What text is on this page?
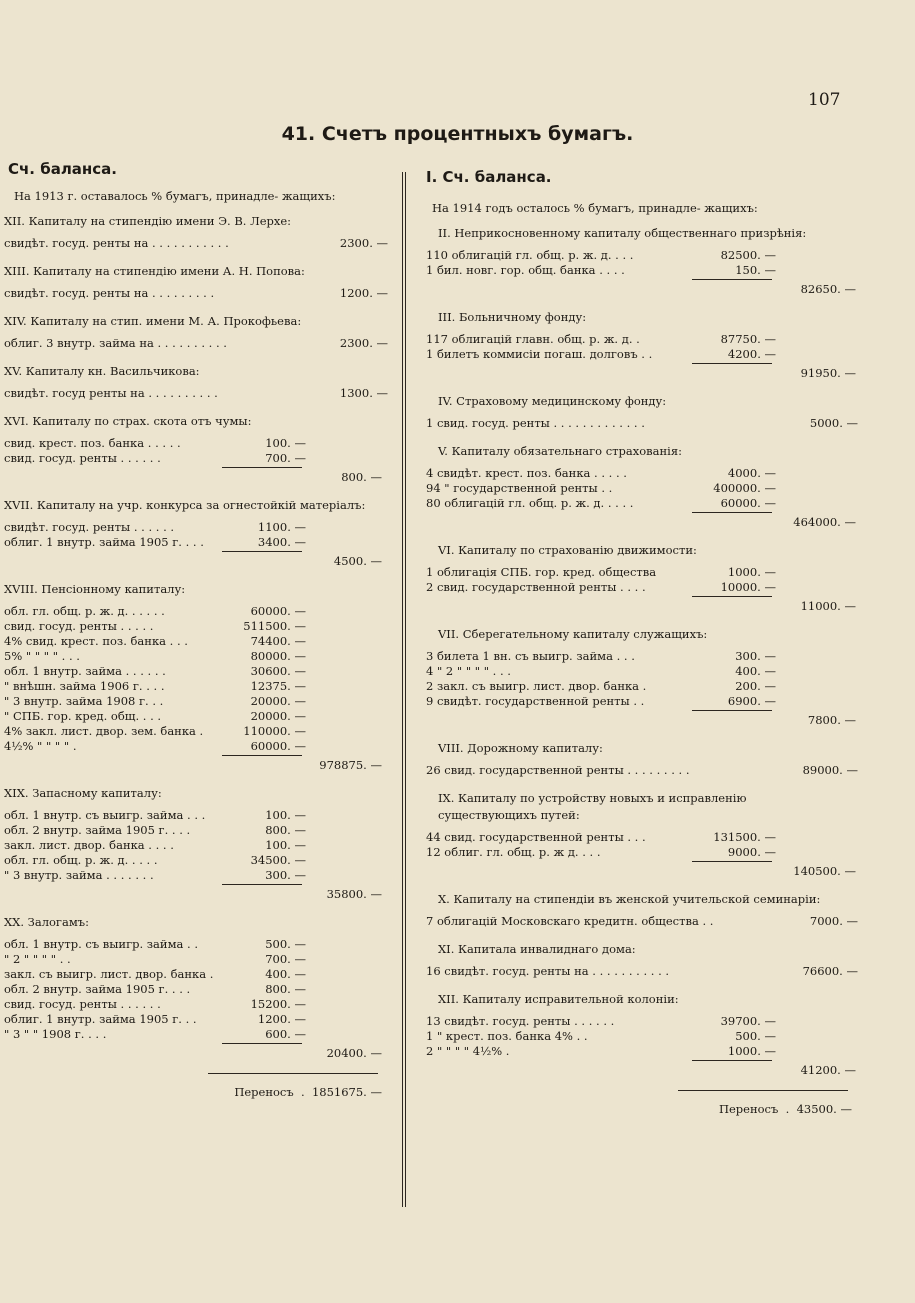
107
41. Счетъ процентныхъ бумагъ.
Сч. баланса.
На 1913 г. оставалось % бумагъ, принадле- жащихъ:
XII. Капиталу на стипендію имени Э. В. Лерхе:
свидѣт. госуд. ренты на . . . . . . . . . . .	2300. —
XIII. Капиталу на стипендію имени А. Н. Попова:
свидѣт. госуд. ренты на . . . . . . . . .	1200. —
XIV. Капиталу на стип. имени М. А. Прокофьева:
облиг. 3 внутр. займа на . . . . . . . . . .	2300. —
XV. Капиталу кн. Васильчикова:
свидѣт. госуд ренты на . . . . . . . . . .	1300. —
XVI. Капиталу по страх. скота отъ чумы:
свид. крест. поз. банка . . . . .	100. —
свид. госуд. ренты . . . . . .	700. —
800. —
XVII. Капиталу на учр. конкурса за огнестойкій матеріалъ:
свидѣт. госуд. ренты . . . . . .	1100. —
облиг. 1 внутр. займа 1905 г. . . .	3400. —
4500. —
XVIII. Пенсіонному капиталу:
обл. гл. общ. р. ж. д. . . . . .	60000. —
свид. госуд. ренты . . . . .	511500. —
4% свид. крест. поз. банка . . .	74400. —
5% " " " " . . .	80000. —
обл. 1 внутр. займа . . . . . .	30600. —
" внѣшн. займа 1906 г. . . .	12375. —
" 3 внутр. займа 1908 г. . .	20000. —
" СПБ. гор. кред. общ. . . .	20000. —
4% закл. лист. двор. зем. банка .	110000. —
4½% " " " " .	60000. —
978875. —
XIX. Запасному капиталу:
обл. 1 внутр. съ выигр. займа . . .	100. —
обл. 2 внутр. займа 1905 г. . . .	800. —
закл. лист. двор. банка . . . .	100. —
обл. гл. общ. р. ж. д. . . . .	34500. —
" 3 внутр. займа . . . . . . .	300. —
35800. —
XX. Залогамъ:
обл. 1 внутр. съ выигр. займа . .	500. —
" 2 " " " " . .	700. —
закл. съ выигр. лист. двор. банка .	400. —
обл. 2 внутр. займа 1905 г. . . .	800. —
свид. госуд. ренты . . . . . .	15200. —
облиг. 1 внутр. займа 1905 г. . .	1200. —
" 3 " " 1908 г. . . .	600. —
20400. —
Переносъ  .  1851675. —
I. Сч. баланса.
На 1914 годъ осталось % бумагъ, принадле- жащихъ:
II. Неприкосновенному капиталу общественнаго призрѣнія:
110 облигацій гл. общ. р. ж. д. . . .	82500. —
1 бил. новг. гор. общ. банка . . . .	150. —
82650. —
III. Больничному фонду:
117 облигацій главн. общ. р. ж. д. .	87750. —
1 билетъ коммисіи погаш. долговъ . .	4200. —
91950. —
IV. Страховому медицинскому фонду:
1 свид. госуд. ренты . . . . . . . . . . . . .	5000. —
V. Капиталу обязательнаго страхованія:
4 свидѣт. крест. поз. банка . . . . .	4000. —
94 " государственной ренты . .	400000. —
80 облигацій гл. общ. р. ж. д. . . . .	60000. —
464000. —
VI. Капиталу по страхованію движимости:
1 облигація СПБ. гор. кред. общества	1000. —
2 свид. государственной ренты . . . .	10000. —
11000. —
VII. Сберегательному капиталу служащихъ:
3 билета 1 вн. съ выигр. займа . . .	300. —
4 " 2 " " " " . . .	400. —
2 закл. съ выигр. лист. двор. банка .	200. —
9 свидѣт. государственной ренты . .	6900. —
7800. —
VIII. Дорожному капиталу:
26 свид. государственной ренты . . . . . . . . .	89000. —
IX. Капиталу по устройству новыхъ и исправленію существующихъ путей:
44 свид. государственной ренты . . .	131500. —
12 облиг. гл. общ. р. ж д. . . .	9000. —
140500. —
X. Капиталу на стипендіи въ женской учительской семинаріи:
7 облигацій Московскаго кредитн. общества . .	7000. —
XI. Капитала инвалиднаго дома:
16 свидѣт. госуд. ренты на . . . . . . . . . . .	76600. —
XII. Капиталу исправительной колоніи:
13 свидѣт. госуд. ренты . . . . . .	39700. —
1 " крест. поз. банка 4% . .	500. —
2 " " " " 4½% .	1000. —
41200. —
Переносъ  .  43500. —
